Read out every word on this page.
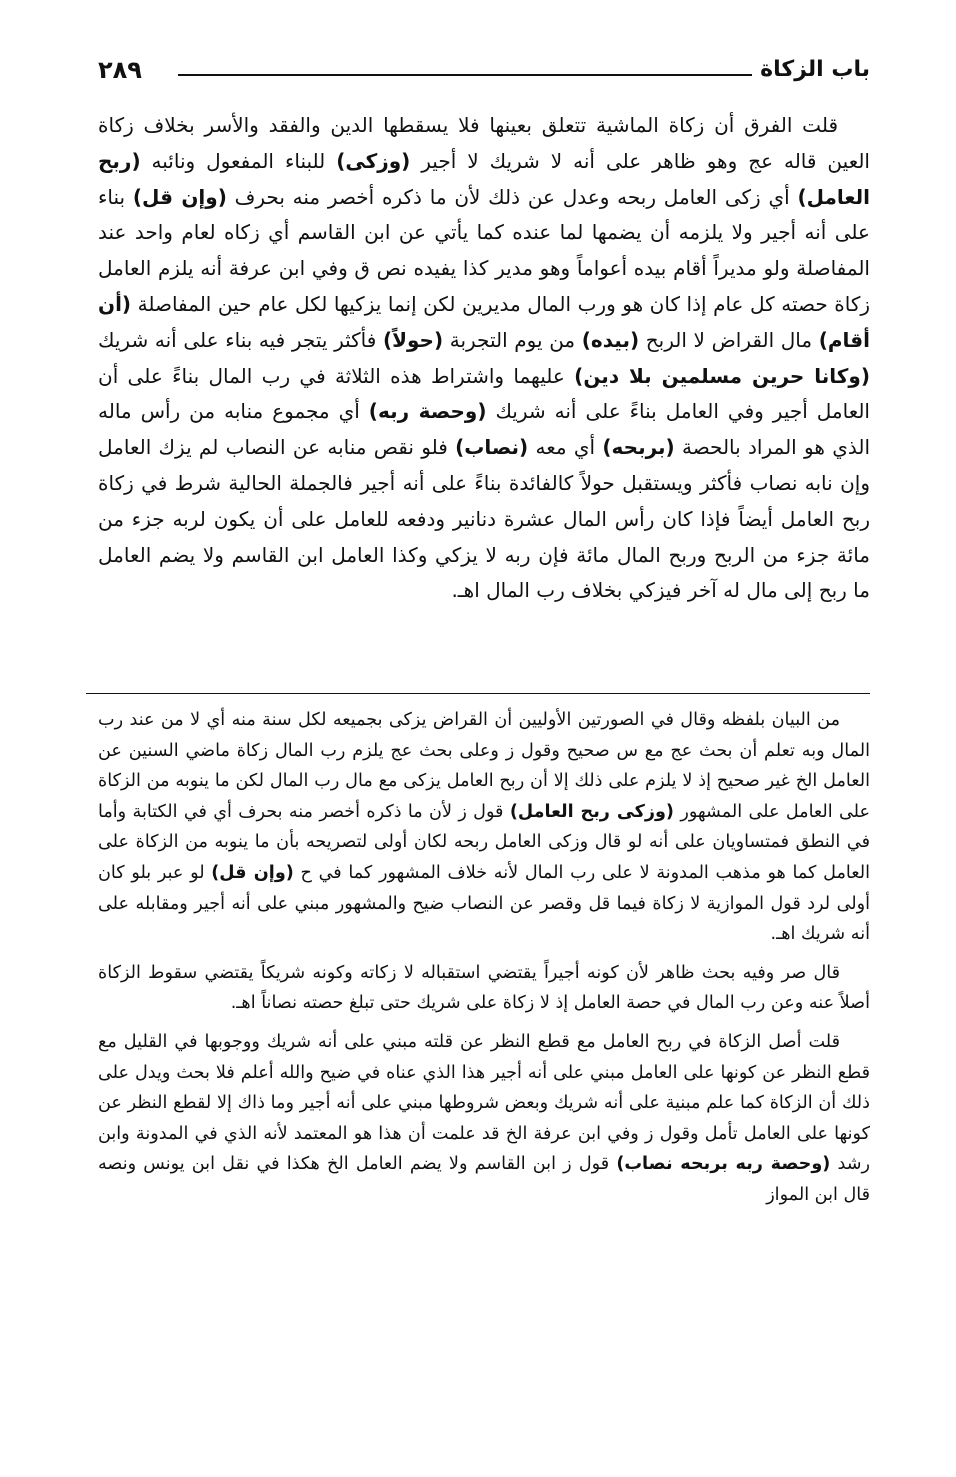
باب الزكاة
٢٨٩

قلت الفرق أن زكاة الماشية تتعلق بعينها فلا يسقطها الدين والفقد والأسر بخلاف زكاة العين قاله عج وهو ظاهر على أنه لا شريك لا أجير (وزكى) للبناء المفعول ونائبه (ربح العامل) أي زكى العامل ربحه وعدل عن ذلك لأن ما ذكره أخصر منه بحرف (وإن قل) بناء على أنه أجير ولا يلزمه أن يضمها لما عنده كما يأتي عن ابن القاسم أي زكاه لعام واحد عند المفاصلة ولو مديراً أقام بيده أعواماً وهو مدير كذا يفيده نص ق وفي ابن عرفة أنه يلزم العامل زكاة حصته كل عام إذا كان هو ورب المال مديرين لكن إنما يزكيها لكل عام حين المفاصلة (أن أقام) مال القراض لا الربح (بيده) من يوم التجربة (حولاً) فأكثر يتجر فيه بناء على أنه شريك (وكانا حرين مسلمين بلا دين) عليهما واشتراط هذه الثلاثة في رب المال بناءً على أن العامل أجير وفي العامل بناءً على أنه شريك (وحصة ربه) أي مجموع منابه من رأس ماله الذي هو المراد بالحصة (بربحه) أي معه (نصاب) فلو نقص منابه عن النصاب لم يزك العامل وإن نابه نصاب فأكثر ويستقبل حولاً كالفائدة بناءً على أنه أجير فالجملة الحالية شرط في زكاة ربح العامل أيضاً فإذا كان رأس المال عشرة دنانير ودفعه للعامل على أن يكون لربه جزء من مائة جزء من الربح وربح المال مائة فإن ربه لا يزكي وكذا العامل ابن القاسم ولا يضم العامل ما ربح إلى مال له آخر فيزكي بخلاف رب المال اهـ.

من البيان بلفظه وقال في الصورتين الأوليين أن القراض يزكى بجميعه لكل سنة منه أي لا من عند رب المال وبه تعلم أن بحث عج مع س صحيح وقول ز وعلى بحث عج يلزم رب المال زكاة ماضي السنين عن العامل الخ غير صحيح إذ لا يلزم على ذلك إلا أن ربح العامل يزكى مع مال رب المال لكن ما ينوبه من الزكاة على العامل على المشهور (وزكى ربح العامل) قول ز لأن ما ذكره أخصر منه بحرف أي في الكتابة وأما في النطق فمتساويان على أنه لو قال وزكى العامل ربحه لكان أولى لتصريحه بأن ما ينوبه من الزكاة على العامل كما هو مذهب المدونة لا على رب المال لأنه خلاف المشهور كما في ح (وإن قل) لو عبر بلو كان أولى لرد قول الموازية لا زكاة فيما قل وقصر عن النصاب ضيح والمشهور مبني على أنه أجير ومقابله على أنه شريك اهـ.

قال صر وفيه بحث ظاهر لأن كونه أجيراً يقتضي استقباله لا زكاته وكونه شريكاً يقتضي سقوط الزكاة أصلاً عنه وعن رب المال في حصة العامل إذ لا زكاة على شريك حتى تبلغ حصته نصاناً اهـ.

قلت أصل الزكاة في ربح العامل مع قطع النظر عن قلته مبني على أنه شريك ووجوبها في القليل مع قطع النظر عن كونها على العامل مبني على أنه أجير هذا الذي عناه في ضيح والله أعلم فلا بحث ويدل على ذلك أن الزكاة كما علم مبنية على أنه شريك وبعض شروطها مبني على أنه أجير وما ذاك إلا لقطع النظر عن كونها على العامل تأمل وقول ز وفي ابن عرفة الخ قد علمت أن هذا هو المعتمد لأنه الذي في المدونة وابن رشد (وحصة ربه بربحه نصاب) قول ز ابن القاسم ولا يضم العامل الخ هكذا في نقل ابن يونس ونصه قال ابن المواز
